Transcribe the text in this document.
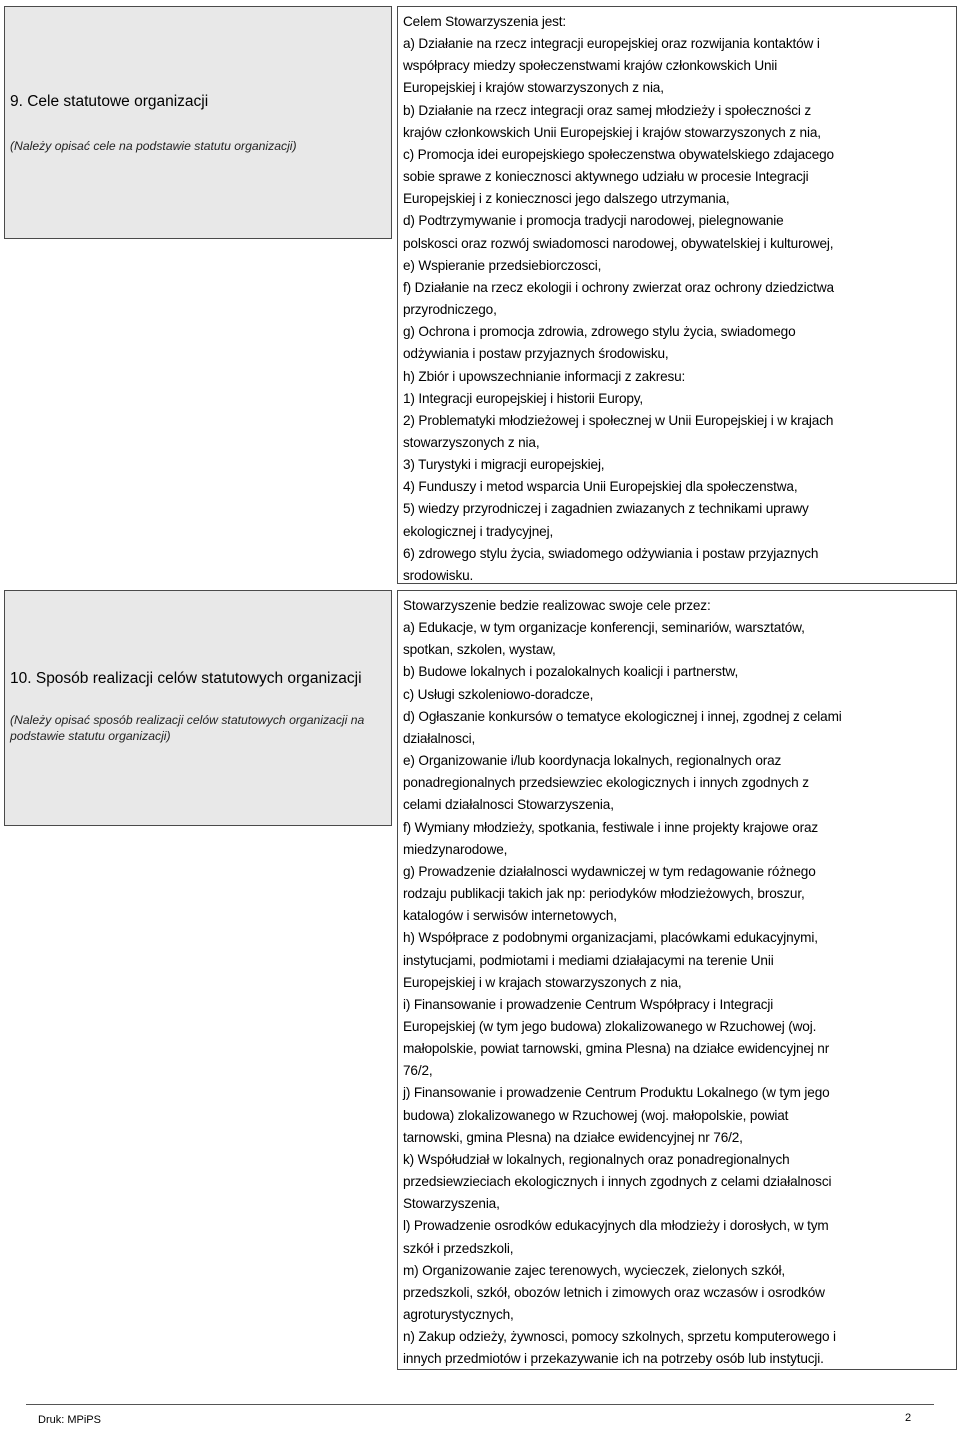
9. Cele statutowe organizacji
(Należy opisać cele na podstawie statutu organizacji)
Celem Stowarzyszenia jest:
a) Działanie na rzecz integracji europejskiej oraz rozwijania kontaktów i
współpracy miedzy społeczenstwami krajów członkowskich Unii
Europejskiej i krajów stowarzyszonych z nia,
b) Działanie na rzecz integracji oraz samej młodzieży i społeczności z
krajów członkowskich Unii Europejskiej i krajów stowarzyszonych z nia,
c) Promocja idei europejskiego społeczenstwa obywatelskiego zdajacego
sobie sprawe z koniecznosci aktywnego udziału w procesie Integracji
Europejskiej i z koniecznosci jego dalszego utrzymania,
d) Podtrzymywanie i promocja tradycji narodowej, pielegnowanie
polskosci oraz rozwój swiadomosci narodowej, obywatelskiej i kulturowej,
e) Wspieranie przedsiebiorczosci,
f) Działanie na rzecz ekologii i ochrony zwierzat oraz ochrony dziedzictwa
przyrodniczego,
g) Ochrona i promocja zdrowia, zdrowego stylu życia, swiadomego
odżywiania i postaw przyjaznych środowisku,
h) Zbiór i upowszechnianie informacji z zakresu:
1) Integracji europejskiej i historii Europy,
2) Problematyki młodzieżowej i społecznej w Unii Europejskiej i w krajach
stowarzyszonych z nia,
3) Turystyki i migracji europejskiej,
4) Funduszy i metod wsparcia Unii Europejskiej dla społeczenstwa,
5) wiedzy przyrodniczej i zagadnien zwiazanych z technikami uprawy
ekologicznej i tradycyjnej,
6) zdrowego stylu życia, swiadomego odżywiania i postaw przyjaznych
srodowisku.
10. Sposób realizacji celów statutowych organizacji
(Należy opisać sposób realizacji celów statutowych organizacji na podstawie statutu organizacji)
Stowarzyszenie bedzie realizowac swoje cele przez:
a) Edukacje, w tym organizacje konferencji, seminariów, warsztatów,
spotkan, szkolen, wystaw,
b) Budowe lokalnych i pozalokalnych koalicji i partnerstw,
c) Usługi szkoleniowo-doradcze,
d) Ogłaszanie konkursów o tematyce ekologicznej i innej, zgodnej z celami
działalnosci,
e) Organizowanie i/lub koordynacja lokalnych, regionalnych oraz
ponadregionalnych przedsiewziec ekologicznych i innych zgodnych z
celami działalnosci Stowarzyszenia,
f) Wymiany młodzieży, spotkania, festiwale i inne projekty krajowe oraz
miedzynarodowe,
g) Prowadzenie działalnosci wydawniczej w tym redagowanie różnego
rodzaju publikacji takich jak np: periodyków młodzieżowych, broszur,
katalogów i serwisów internetowych,
h) Współprace z podobnymi organizacjami, placówkami edukacyjnymi,
instytucjami, podmiotami i mediami działajacymi na terenie Unii
Europejskiej i w krajach stowarzyszonych z nia,
i) Finansowanie i prowadzenie Centrum Współpracy i Integracji
Europejskiej (w tym jego budowa) zlokalizowanego w Rzuchowej (woj.
małopolskie, powiat tarnowski, gmina Plesna) na działce ewidencyjnej nr
76/2,
j) Finansowanie i prowadzenie Centrum Produktu Lokalnego (w tym jego
budowa) zlokalizowanego w Rzuchowej (woj. małopolskie, powiat
tarnowski, gmina Plesna) na działce ewidencyjnej nr 76/2,
k) Współudział w lokalnych, regionalnych oraz ponadregionalnych
przedsiewzieciach ekologicznych i innych zgodnych z celami działalnosci
Stowarzyszenia,
l) Prowadzenie osrodków edukacyjnych dla młodzieży i dorosłych, w tym
szkół i przedszkoli,
m) Organizowanie zajec terenowych, wycieczek, zielonych szkół,
przedszkoli, szkół, obozów letnich i zimowych oraz wczasów i osrodków
agroturystycznych,
n) Zakup odzieży, żywnosci, pomocy szkolnych, sprzetu komputerowego i
innych przedmiotów i przekazywanie ich na potrzeby osób lub instytucji.
Druk: MPiPS	2
